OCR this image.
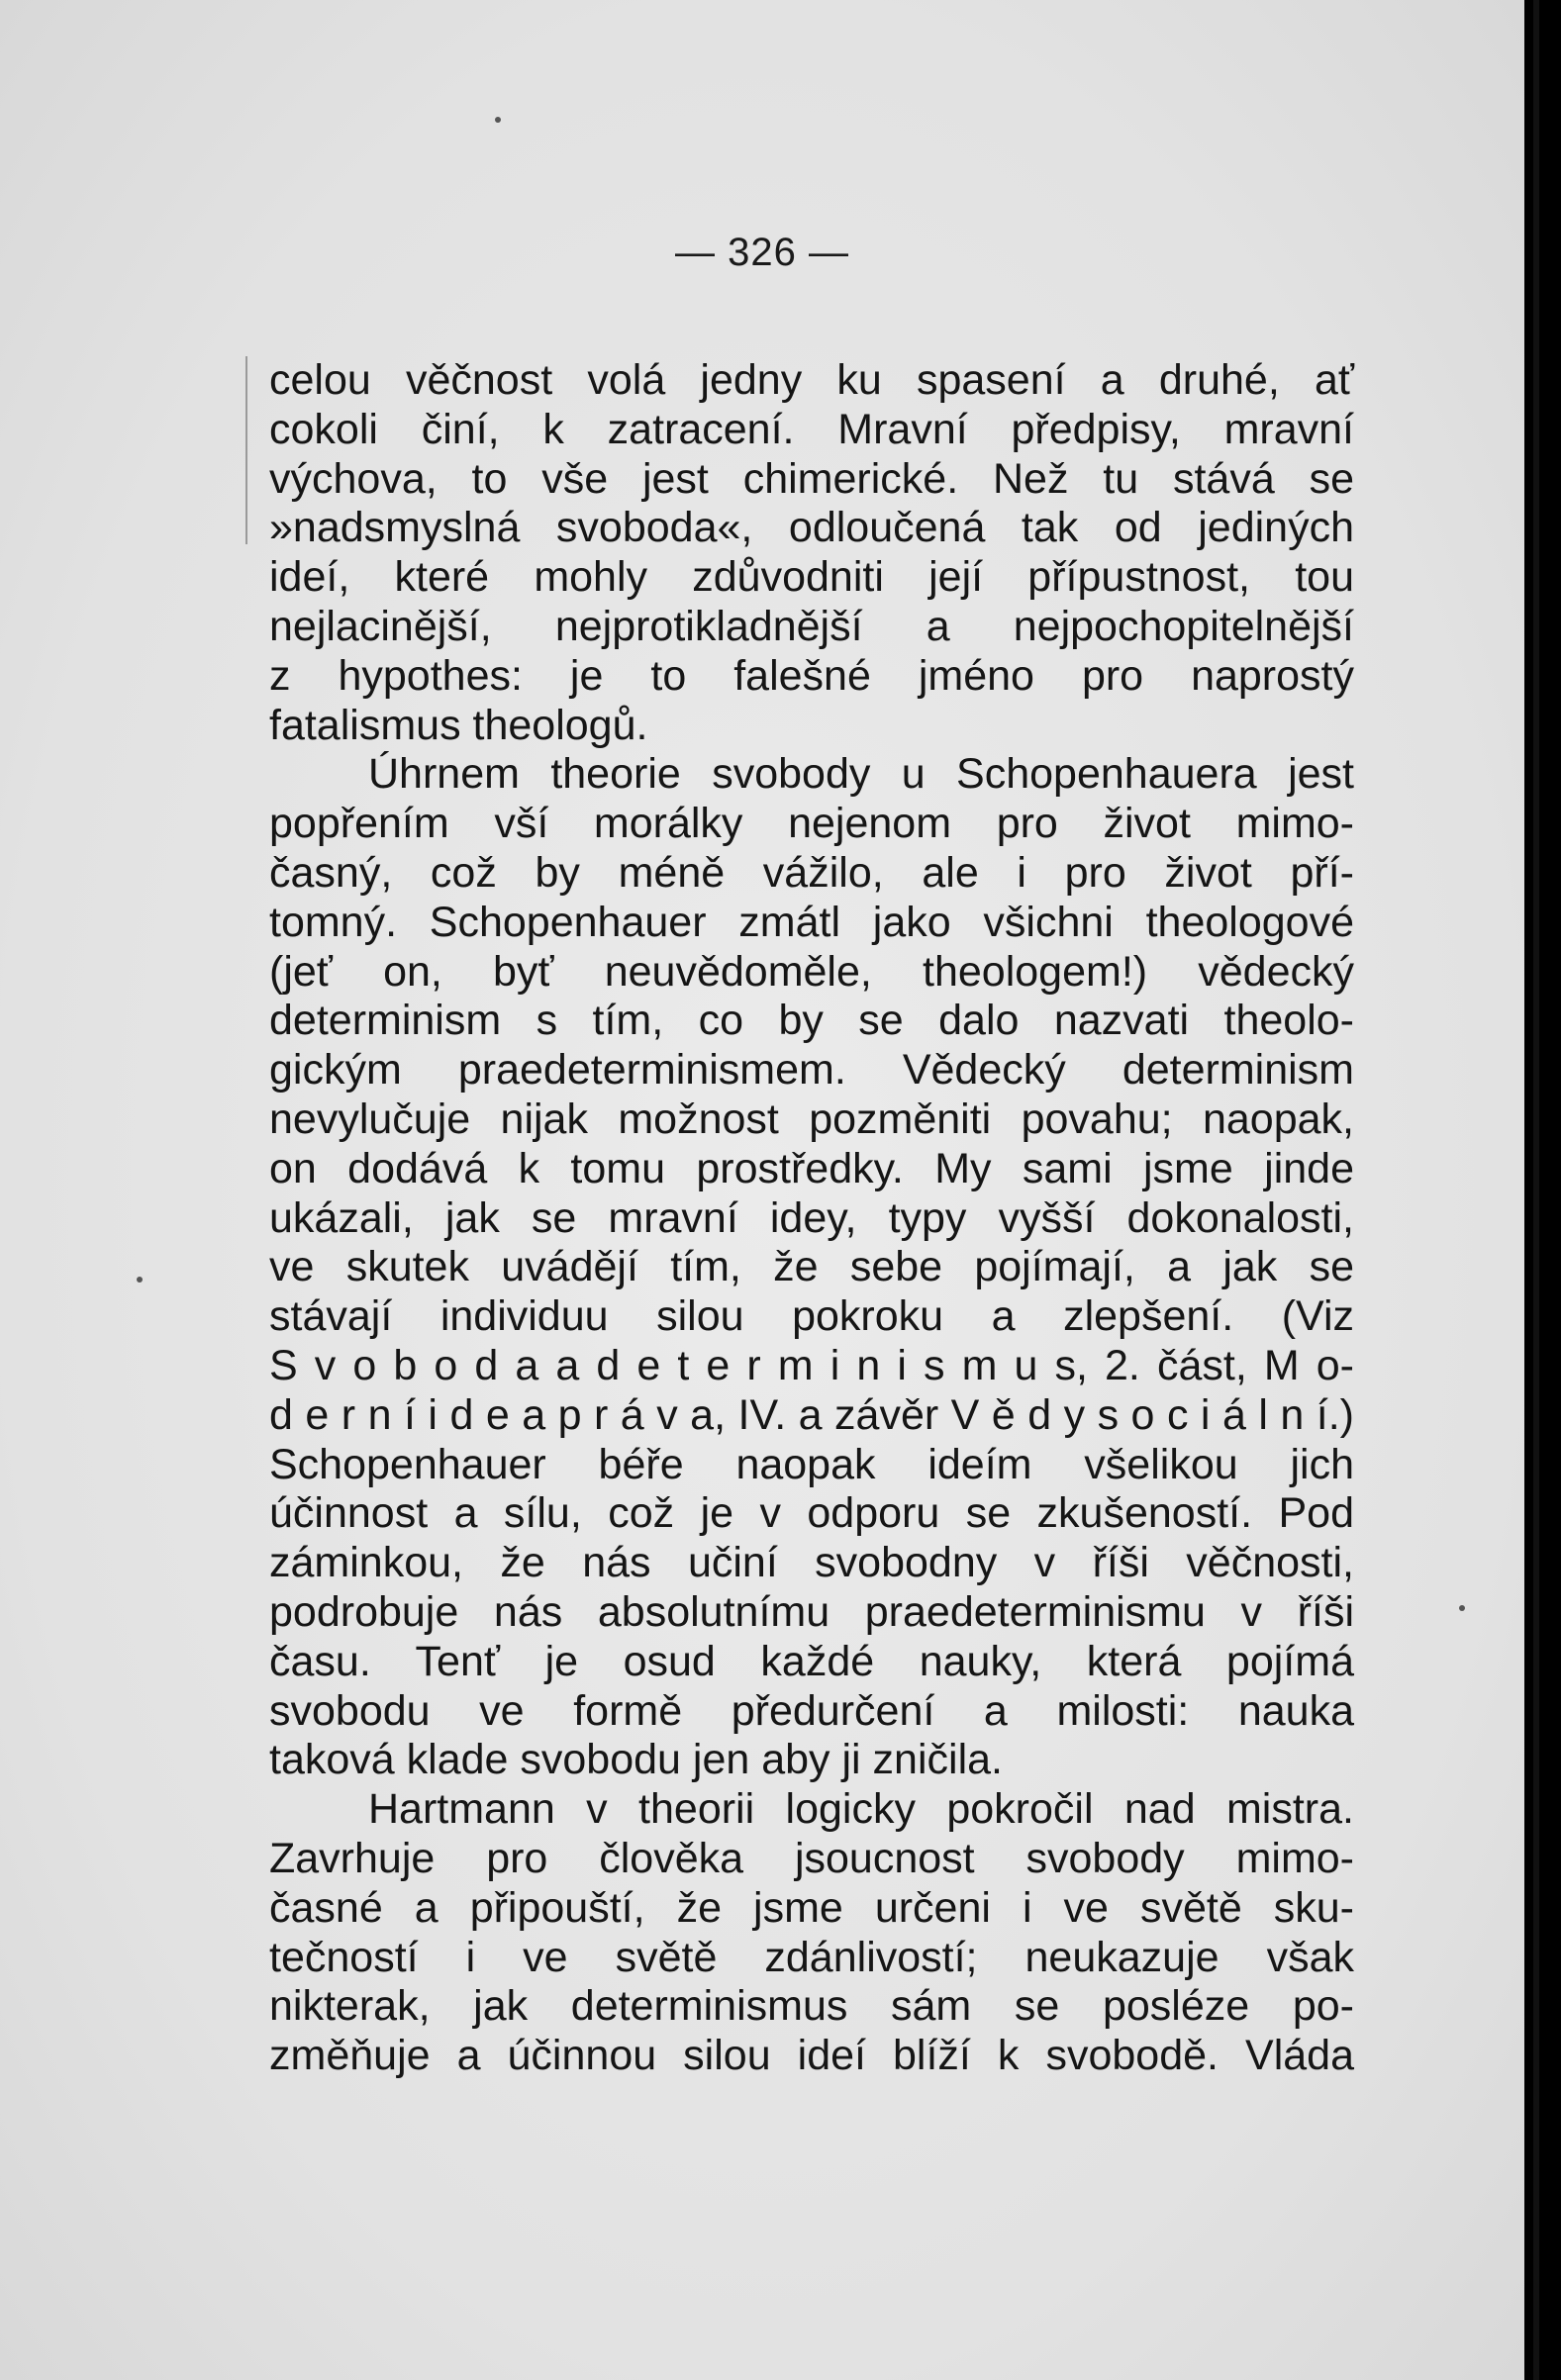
— 326 —
celou věčnost volá jedny ku spasení a druhé, ať
cokoli činí, k zatracení. Mravní předpisy, mravní
výchova, to vše jest chimerické. Než tu stává se
»nadsmyslná svoboda«, odloučená tak od jediných
ideí, které mohly zdůvodniti její přípustnost, tou
nejlacinější, nejprotikladnější a nejpochopitelnější
z hypothes: je to falešné jméno pro naprostý
fatalismus theologů.
Úhrnem theorie svobody u Schopenhauera jest
popřením vší morálky nejenom pro život mimo-
časný, což by méně vážilo, ale i pro život pří-
tomný. Schopenhauer zmátl jako všichni theologové
(jeť on, byť neuvědoměle, theologem!) vědecký
determinism s tím, co by se dalo nazvati theolo-
gickým praedeterminismem. Vědecký determinism
nevylučuje nijak možnost pozměniti povahu; naopak,
on dodává k tomu prostředky. My sami jsme jinde
ukázali, jak se mravní idey, typy vyšší dokonalosti,
ve skutek uvádějí tím, že sebe pojímají, a jak se
stávají individuu silou pokroku a zlepšení. (Viz
S v o b o d a a d e t e r m i n i s m u s, 2. část, M o-
d e r n í i d e a p r á v a, IV. a závěr V ě d y s o c i á l n í.)
Schopenhauer béře naopak ideím všelikou jich
účinnost a sílu, což je v odporu se zkušeností. Pod
záminkou, že nás učiní svobodny v říši věčnosti,
podrobuje nás absolutnímu praedeterminismu v říši
času. Tenť je osud každé nauky, která pojímá
svobodu ve formě předurčení a milosti: nauka
taková klade svobodu jen aby ji zničila.
Hartmann v theorii logicky pokročil nad mistra.
Zavrhuje pro člověka jsoucnost svobody mimo-
časné a připouští, že jsme určeni i ve světě sku-
tečností i ve světě zdánlivostí; neukazuje však
nikterak, jak determinismus sám se posléze po-
změňuje a účinnou silou ideí blíží k svobodě. Vláda
